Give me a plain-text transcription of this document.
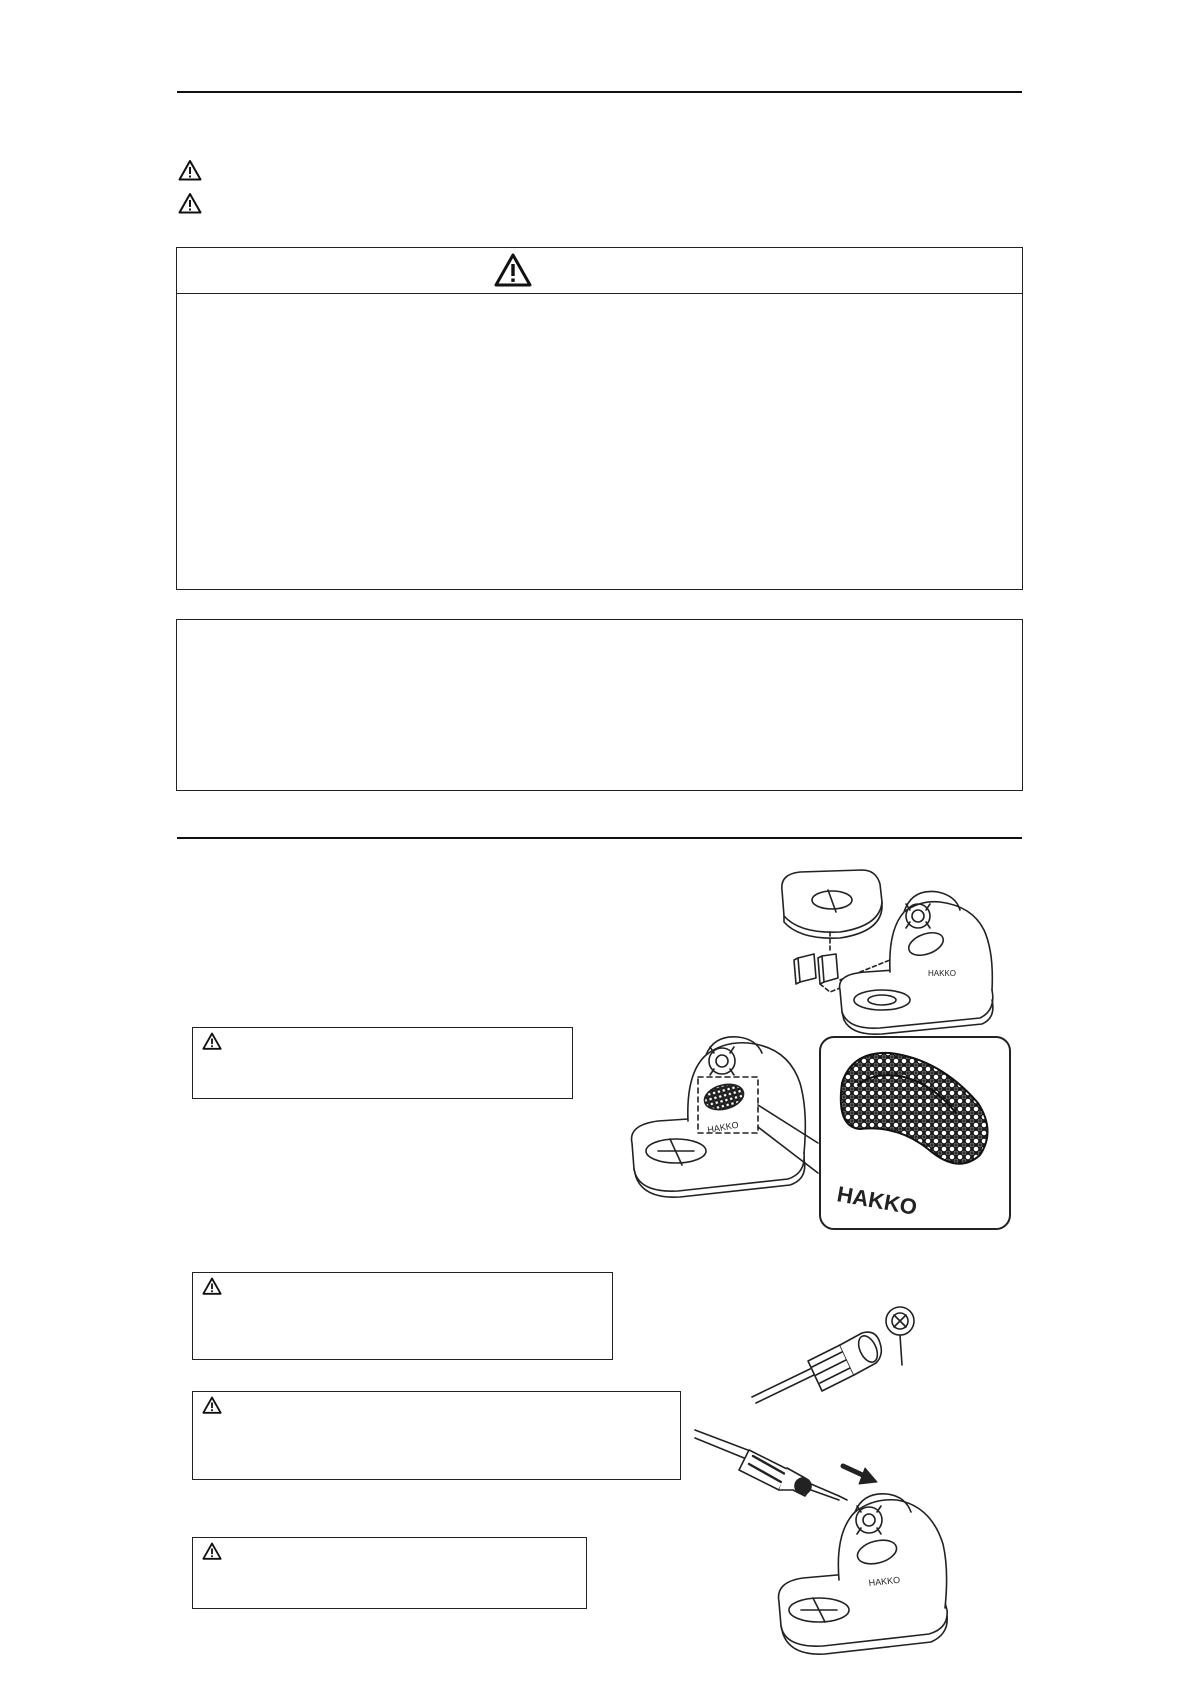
HAKKO
HAKKO
HAKKO
HAKKO
